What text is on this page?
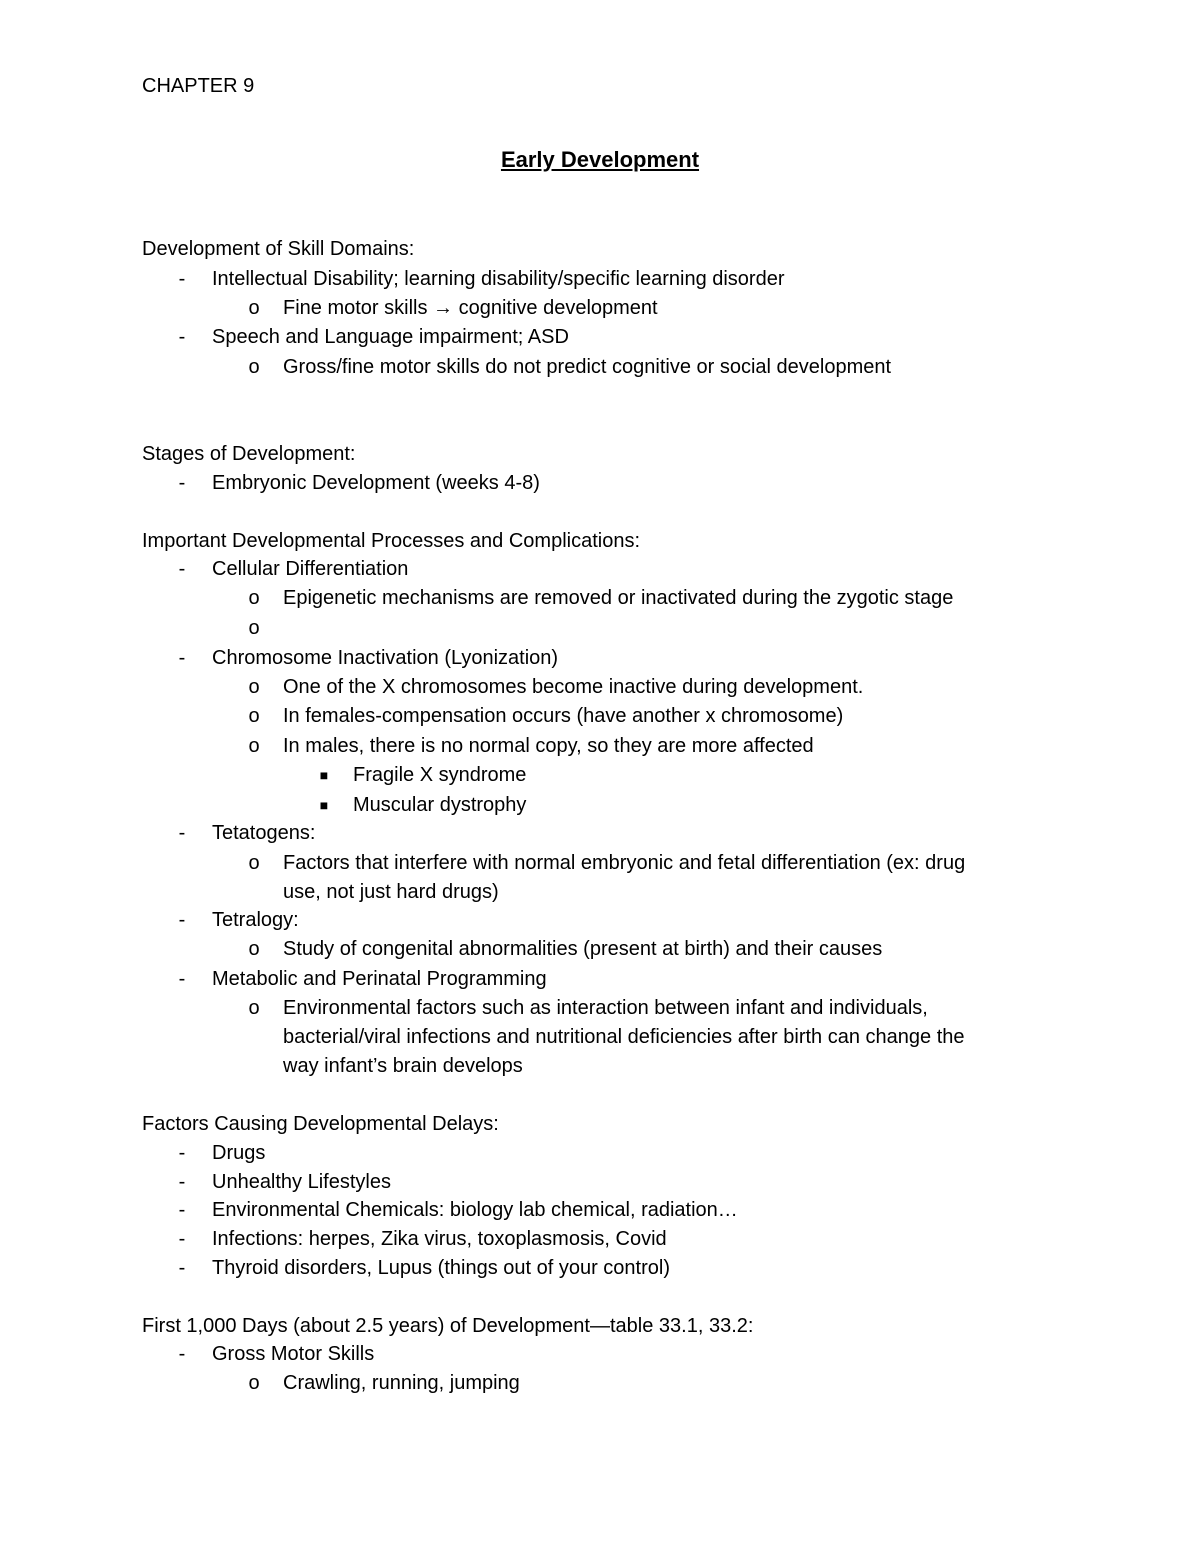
CHAPTER 9
Early Development
Development of Skill Domains:
-	Intellectual Disability; learning disability/specific learning disorder
o Fine motor skills → cognitive development
-	Speech and Language impairment; ASD
o Gross/fine motor skills do not predict cognitive or social development
Stages of Development:
-	Embryonic Development (weeks 4-8)
Important Developmental Processes and Complications:
-	Cellular Differentiation
o Epigenetic mechanisms are removed or inactivated during the zygotic stage
o
-	Chromosome Inactivation (Lyonization)
o One of the X chromosomes become inactive during development.
o In females-compensation occurs (have another x chromosome)
o In males, there is no normal copy, so they are more affected
■ Fragile X syndrome
■ Muscular dystrophy
-	Tetatogens:
o Factors that interfere with normal embryonic and fetal differentiation (ex: drug
use, not just hard drugs)
-	Tetralogy:
o Study of congenital abnormalities (present at birth) and their causes
-	Metabolic and Perinatal Programming
o Environmental factors such as interaction between infant and individuals,
bacterial/viral infections and nutritional deficiencies after birth can change the
way infant’s brain develops
Factors Causing Developmental Delays:
-	Drugs
-	Unhealthy Lifestyles
-	Environmental Chemicals: biology lab chemical, radiation…
-	Infections: herpes, Zika virus, toxoplasmosis, Covid
-	Thyroid disorders, Lupus (things out of your control)
First 1,000 Days (about 2.5 years) of Development—table 33.1, 33.2:
-	Gross Motor Skills
o Crawling, running, jumping
